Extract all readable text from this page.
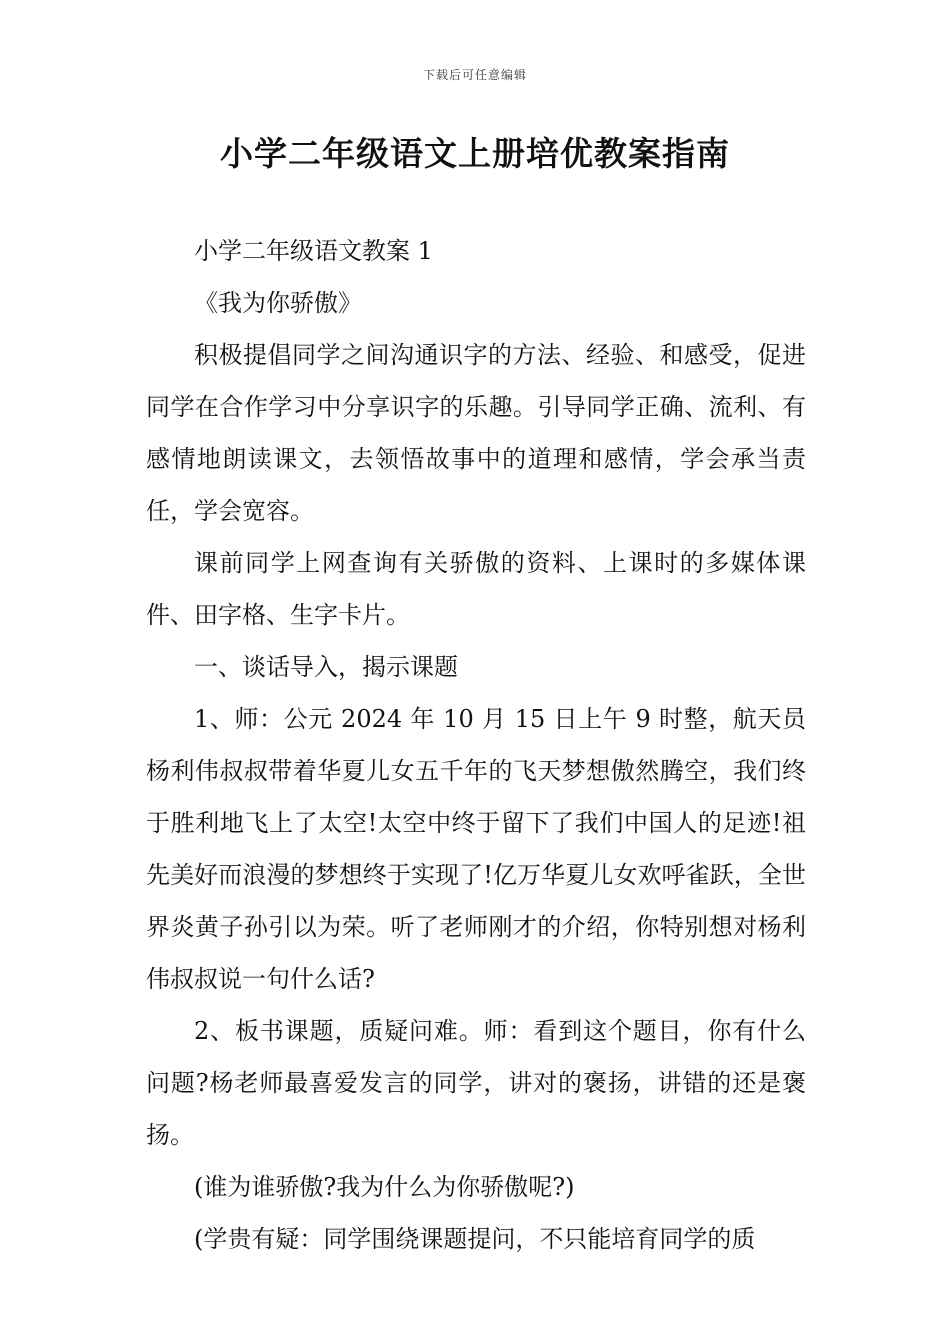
下载后可任意编辑
小学二年级语文上册培优教案指南

小学二年级语文教案 1

《我为你骄傲》

积极提倡同学之间沟通识字的方法、经验、和感受，促进同学在合作学习中分享识字的乐趣。引导同学正确、流利、有感情地朗读课文，去领悟故事中的道理和感情，学会承当责任，学会宽容。

课前同学上网查询有关骄傲的资料、上课时的多媒体课件、田字格、生字卡片。

一、谈话导入，揭示课题

1、师：公元 2024 年 10 月 15 日上午 9 时整，航天员杨利伟叔叔带着华夏儿女五千年的飞天梦想傲然腾空，我们终于胜利地飞上了太空!太空中终于留下了我们中国人的足迹!祖先美好而浪漫的梦想终于实现了!亿万华夏儿女欢呼雀跃，全世界炎黄子孙引以为荣。听了老师刚才的介绍，你特别想对杨利伟叔叔说一句什么话?

2、板书课题，质疑问难。师：看到这个题目，你有什么问题?杨老师最喜爱发言的同学，讲对的褒扬，讲错的还是褒扬。

(谁为谁骄傲?我为什么为你骄傲呢?)

(学贵有疑：同学围绕课题提问，不只能培育同学的质
